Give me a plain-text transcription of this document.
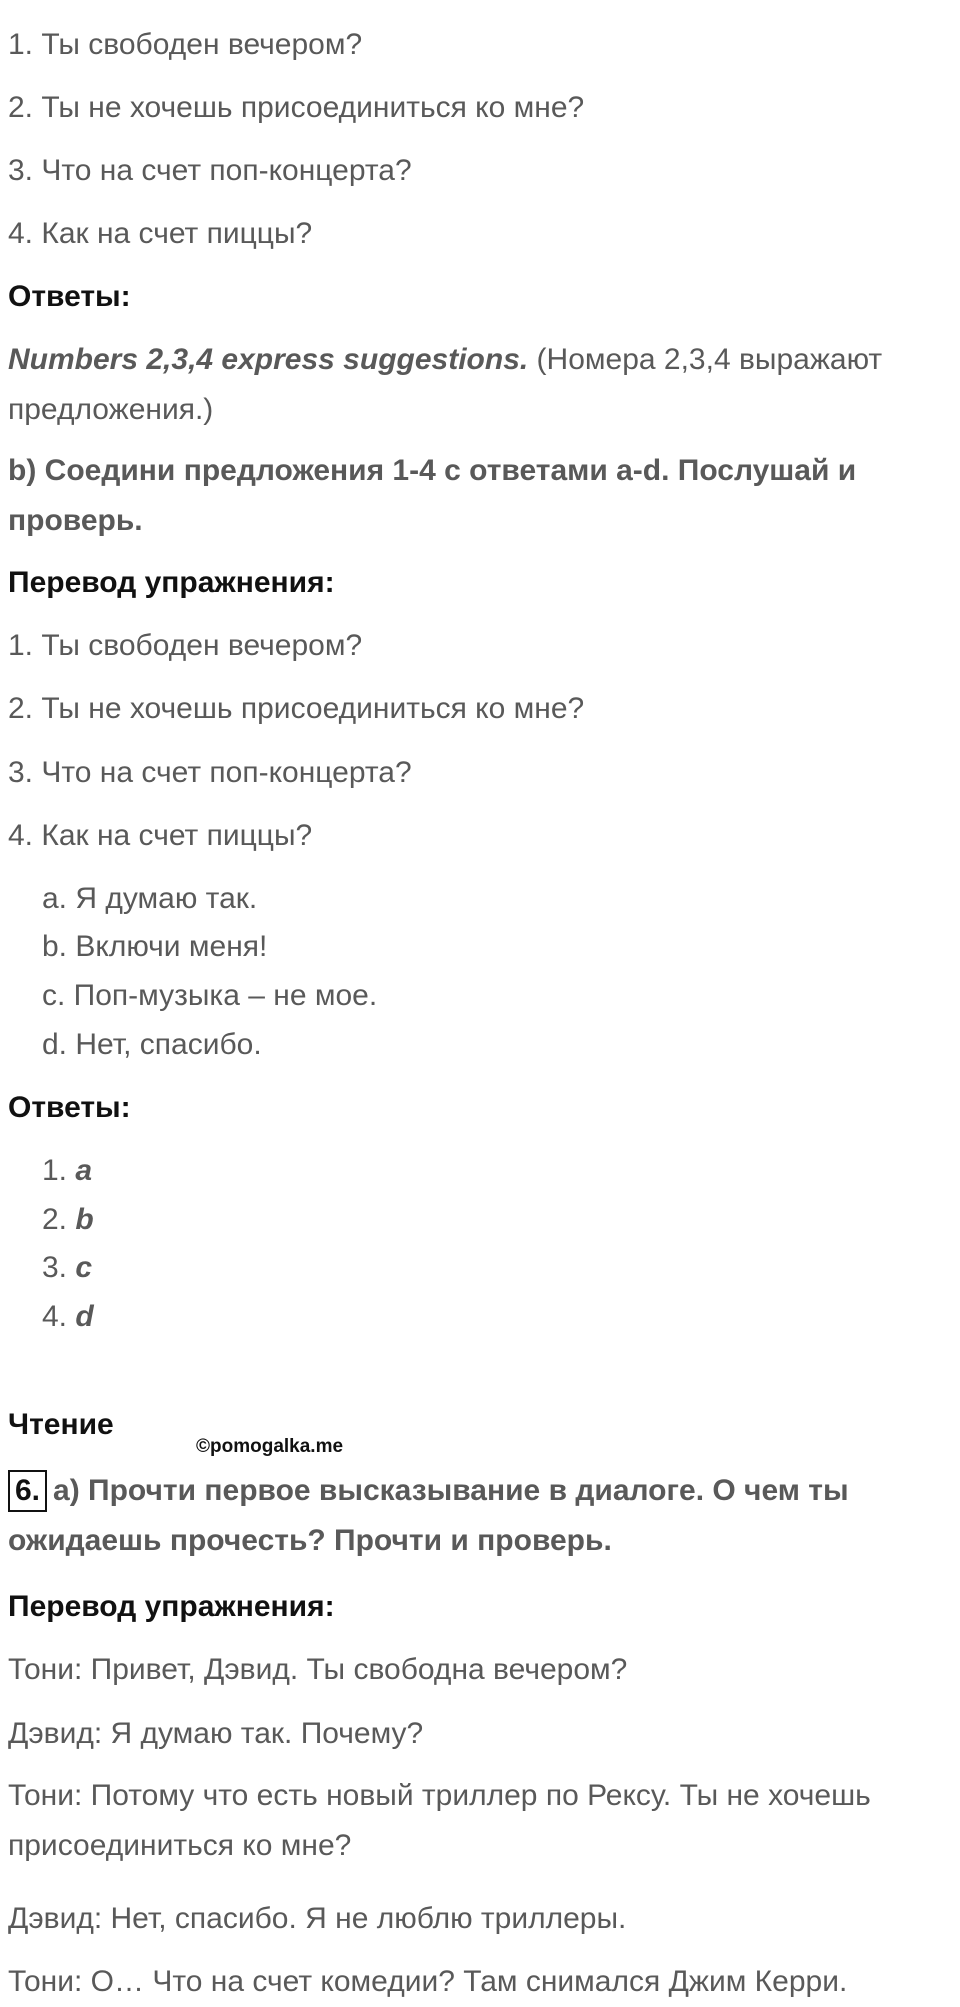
1. Ты свободен вечером?
2. Ты не хочешь присоединиться ко мне?
3. Что на счет поп-концерта?
4. Как на счет пиццы?
Ответы:
Numbers 2,3,4 express suggestions. (Номера 2,3,4 выражают предложения.)
b) Соедини предложения 1-4 с ответами a-d. Послушай и проверь.
Перевод упражнения:
1. Ты свободен вечером?
2. Ты не хочешь присоединиться ко мне?
3. Что на счет поп-концерта?
4. Как на счет пиццы?
a. Я думаю так.
b. Включи меня!
c. Поп-музыка – не мое.
d. Нет, спасибо.
Ответы:
1. a
2. b
3. c
4. d
Чтение
©pomogalka.me
6. a) Прочти первое высказывание в диалоге. О чем ты ожидаешь прочесть? Прочти и проверь.
Перевод упражнения:
Тони: Привет, Дэвид. Ты свободна вечером?
Дэвид: Я думаю так. Почему?
Тони: Потому что есть новый триллер по Рексу. Ты не хочешь присоединиться ко мне?
Дэвид: Нет, спасибо. Я не люблю триллеры.
Тони: О… Что на счет комедии? Там снимался Джим Керри.
